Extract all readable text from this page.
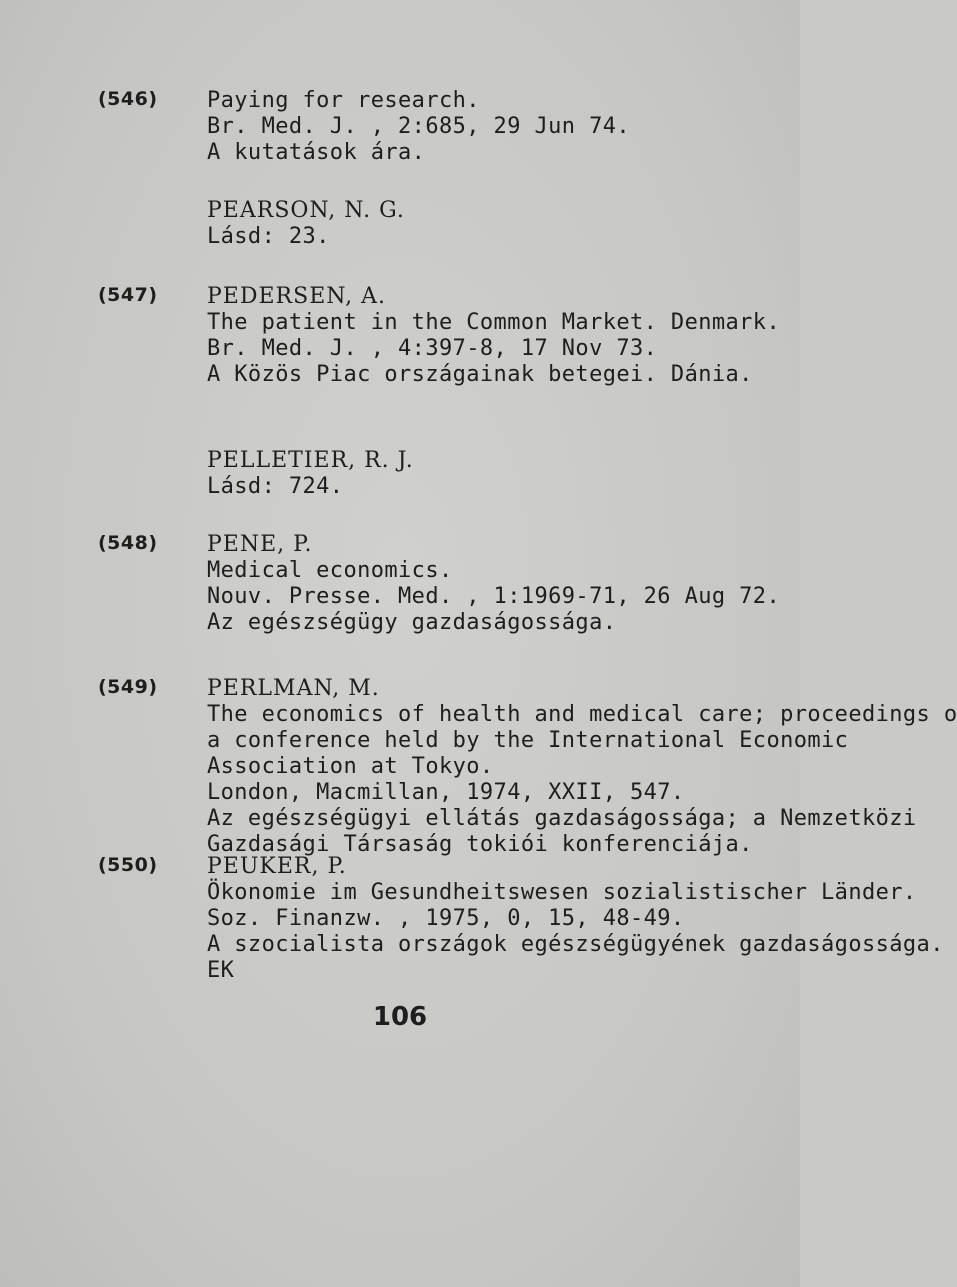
(546) Paying for research.
Br. Med. J. , 2:685, 29 Jun 74.
A kutatások ára.
PEARSON, N. G.
Lásd: 23.
(547) PEDERSEN, A.
The patient in the Common Market. Denmark.
Br. Med. J. , 4:397-8, 17 Nov 73.
A Közös Piac országainak betegei. Dánia.
PELLETIER, R. J.
Lásd: 724.
(548) PENE, P.
Medical economics.
Nouv. Presse. Med. , 1:1969-71, 26 Aug 72.
Az egészségügy gazdaságossága.
(549) PERLMAN, M.
The economics of health and medical care; proceedings o
a conference held by the International Economic
Association at Tokyo.
London, Macmillan, 1974, XXII, 547.
Az egészségügyi ellátás gazdaságossága; a Nemzetközi
Gazdasági Társaság tokiói konferenciája.
(550) PEUKER, P.
Ökonomie im Gesundheitswesen sozialistischer Länder.
Soz. Finanzw. , 1975, 0, 15, 48-49.
A szocialista országok egészségügyének gazdaságossága.
EK
106
